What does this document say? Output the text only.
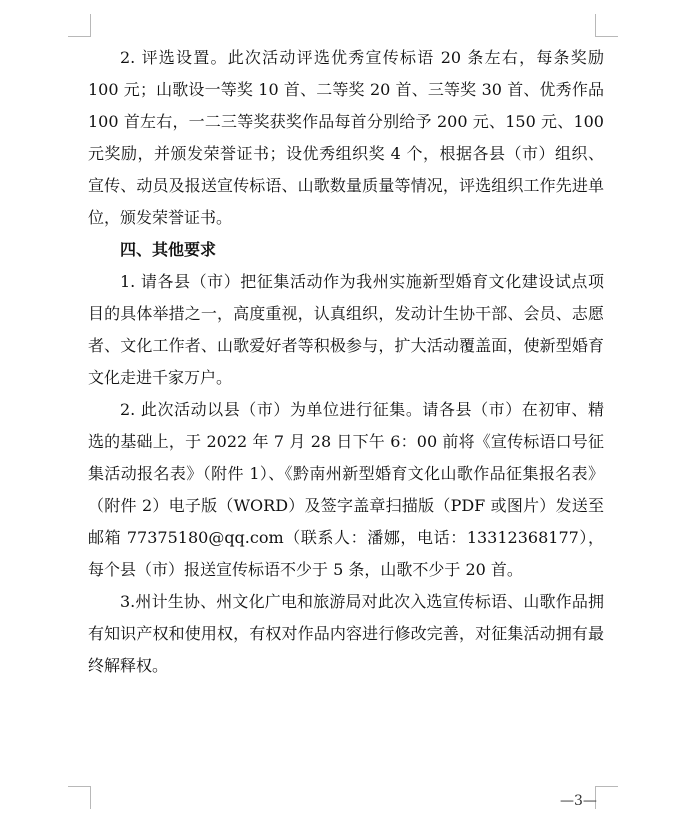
2. 评选设置。此次活动评选优秀宣传标语 20 条左右，每条奖励 100 元；山歌设一等奖 10 首、二等奖 20 首、三等奖 30 首、优秀作品 100 首左右，一二三等奖获奖作品每首分别给予 200 元、150 元、100 元奖励，并颁发荣誉证书；设优秀组织奖 4 个，根据各县（市）组织、宣传、动员及报送宣传标语、山歌数量质量等情况，评选组织工作先进单位，颁发荣誉证书。

四、其他要求

1. 请各县（市）把征集活动作为我州实施新型婚育文化建设试点项目的具体举措之一，高度重视，认真组织，发动计生协干部、会员、志愿者、文化工作者、山歌爱好者等积极参与，扩大活动覆盖面，使新型婚育文化走进千家万户。

2. 此次活动以县（市）为单位进行征集。请各县（市）在初审、精选的基础上，于 2022 年 7 月 28 日下午 6：00 前将《宣传标语口号征集活动报名表》（附件 1）、《黔南州新型婚育文化山歌作品征集报名表》（附件 2）电子版（WORD）及签字盖章扫描版（PDF 或图片）发送至邮箱 77375180@qq.com（联系人：潘娜，电话：13312368177），每个县（市）报送宣传标语不少于 5 条，山歌不少于 20 首。

3.州计生协、州文化广电和旅游局对此次入选宣传标语、山歌作品拥有知识产权和使用权，有权对作品内容进行修改完善，对征集活动拥有最终解释权。

—3—
